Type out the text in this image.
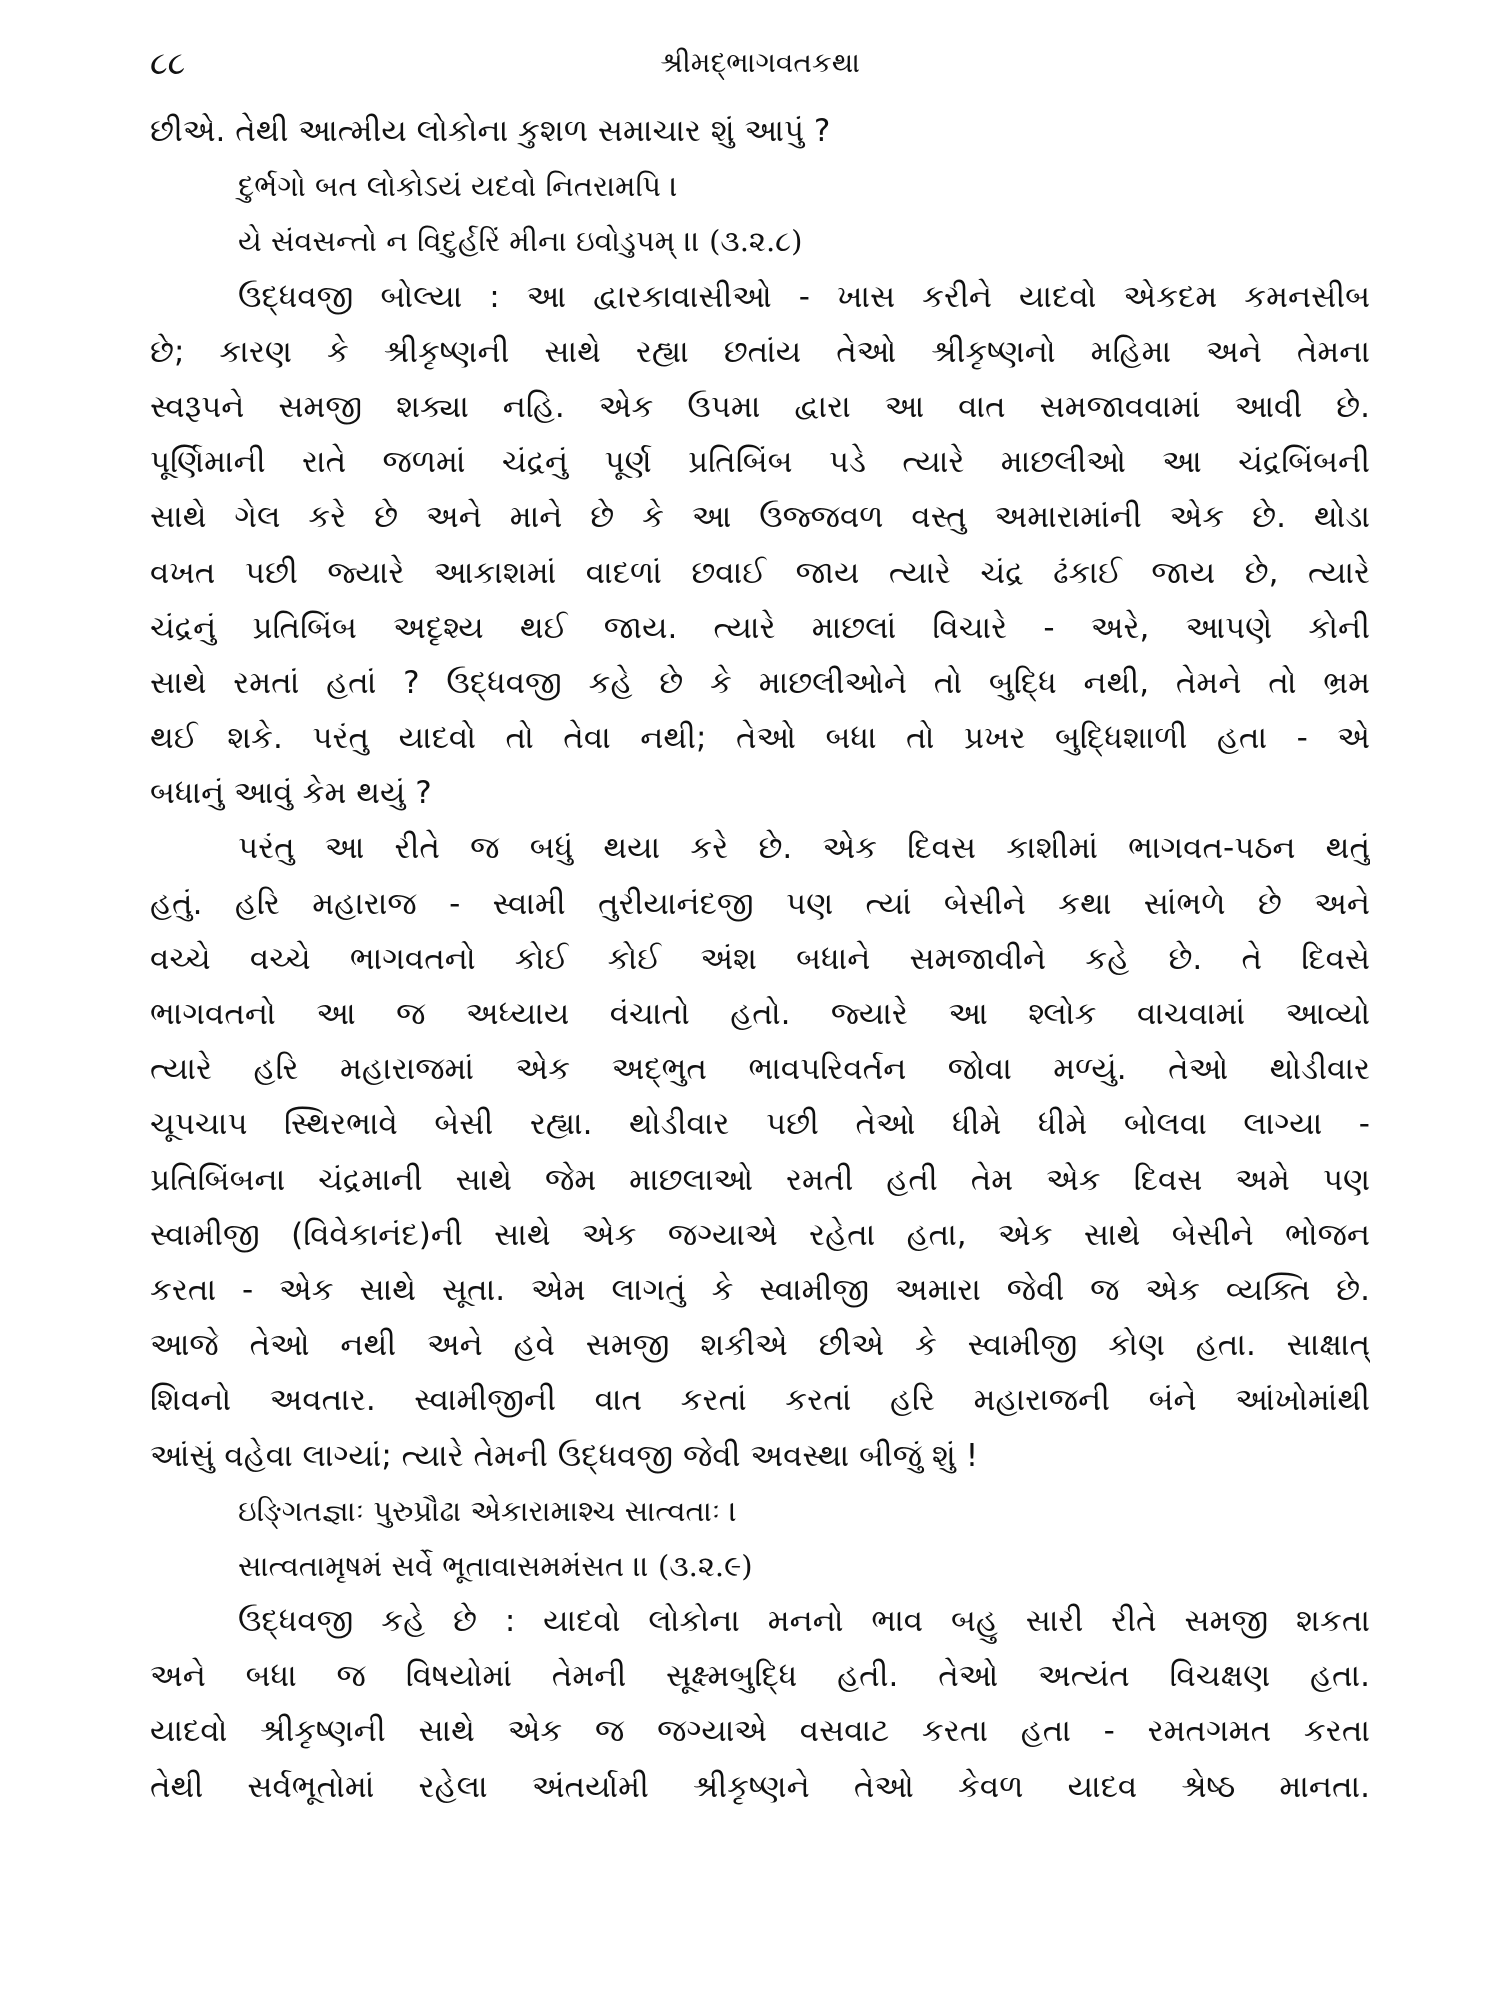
૮૮	શ્રીમદ્‌ભાગવતકથા
છીએ. તેથી આત્મીય લોકોના કુશળ સમાચાર શું આપું ?
દુર્ભગો બત લોકોઽયં યદવો નિતરામપિ ।
યે સંવસન્તો ન વિદુર્હરિં મીના ઇવોડુપમ્ ।। (૩.૨.૮)
ઉદ્ધવજી બોલ્યા : આ દ્વારકાવાસીઓ - ખાસ કરીને યાદવો એકદમ કમનસીબ
છે; કારણ કે શ્રીકૃષ્ણની સાથે રહ્યા છતાંય તેઓ શ્રીકૃષ્ણનો મહિમા અને તેમના
સ્વરૂપને સમજી શક્યા નહિ. એક ઉપમા દ્વારા આ વાત સમજાવવામાં આવી છે.
પૂર્ણિમાની રાતે જળમાં ચંદ્રનું પૂર્ણ પ્રતિબિંબ પડે ત્યારે માછલીઓ આ ચંદ્રબિંબની
સાથે ગેલ કરે છે અને માને છે કે આ ઉજ્જવળ વસ્તુ અમારામાંની એક છે. થોડા
વખત પછી જ્યારે આકાશમાં વાદળાં છવાઈ જાય ત્યારે ચંદ્ર ઢંકાઈ જાય છે, ત્યારે
ચંદ્રનું પ્રતિબિંબ અદૃશ્ય થઈ જાય. ત્યારે માછલાં વિચારે - અરે, આપણે કોની
સાથે રમતાં હતાં ? ઉદ્ધવજી કહે છે કે માછલીઓને તો બુદ્ધિ નથી, તેમને તો ભ્રમ
થઈ શકે. પરંતુ યાદવો તો તેવા નથી; તેઓ બધા તો પ્રખર બુદ્ધિશાળી હતા - એ
બધાનું આવું કેમ થયું ?
પરંતુ આ રીતે જ બધું થયા કરે છે. એક દિવસ કાશીમાં ભાગવત-પઠન થતું
હતું. હરિ મહારાજ - સ્વામી તુરીયાનંદજી પણ ત્યાં બેસીને કથા સાંભળે છે અને
વચ્ચે વચ્ચે ભાગવતનો કોઈ કોઈ અંશ બધાને સમજાવીને કહે છે. તે દિવસે
ભાગવતનો આ જ અધ્યાય વંચાતો હતો. જ્યારે આ શ્લોક વાચવામાં આવ્યો
ત્યારે હરિ મહારાજમાં એક અદ્‌ભુત ભાવપરિવર્તન જોવા મળ્યું. તેઓ થોડીવાર
ચૂપચાપ સ્થિરભાવે બેસી રહ્યા. થોડીવાર પછી તેઓ ધીમે ધીમે બોલવા લાગ્યા -
પ્રતિબિંબના ચંદ્રમાની સાથે જેમ માછલાઓ રમતી હતી તેમ એક દિવસ અમે પણ
સ્વામીજી (વિવેકાનંદ)ની સાથે એક જગ્યાએ રહેતા હતા, એક સાથે બેસીને ભોજન
કરતા - એક સાથે સૂતા. એમ લાગતું કે સ્વામીજી અમારા જેવી જ એક વ્યક્તિ છે.
આજે તેઓ નથી અને હવે સમજી શકીએ છીએ કે સ્વામીજી કોણ હતા. સાક્ષાત્
શિવનો અવતાર. સ્વામીજીની વાત કરતાં કરતાં હરિ મહારાજની બંને આંખોમાંથી
આંસું વહેવા લાગ્યાં; ત્યારે તેમની ઉદ્ધવજી જેવી અવસ્થા બીજું શું !
ઇઙ્ગિતજ્ઞાઃ પુરુપ્રૌઢા એકારામાશ્ચ સાત્વતાઃ ।
સાત્વતામૃષમં સર્વે ભૂતાવાસમમંસત ।। (૩.૨.૯)
ઉદ્ધવજી કહે છે : યાદવો લોકોના મનનો ભાવ બહુ સારી રીતે સમજી શકતા
અને બધા જ વિષયોમાં તેમની સૂક્ષ્મબુદ્ધિ હતી. તેઓ અત્યંત વિચક્ષણ હતા.
યાદવો શ્રીકૃષ્ણની સાથે એક જ જગ્યાએ વસવાટ કરતા હતા - રમતગમત કરતા
તેથી સર્વભૂતોમાં રહેલા અંતર્યામી શ્રીકૃષ્ણને તેઓ કેવળ યાદવ શ્રેષ્ઠ માનતા.
